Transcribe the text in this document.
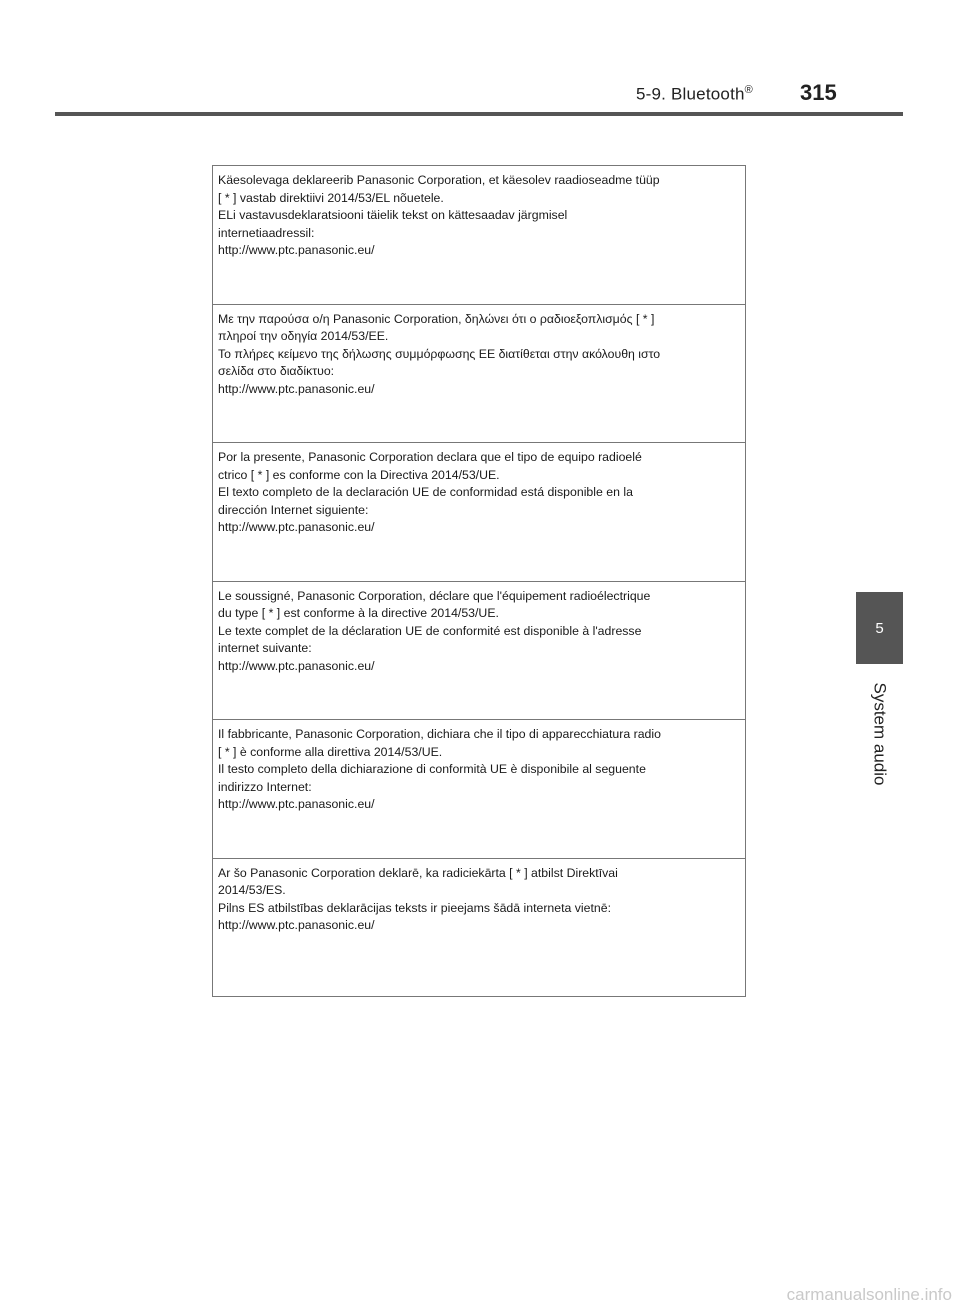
5-9. Bluetooth® 315
5
System audio
Käesolevaga deklareerib Panasonic Corporation, et käesolev raadioseadme tüüp
[ * ] vastab direktiivi 2014/53/EL nõuetele.
ELi vastavusdeklaratsiooni täielik tekst on kättesaadav järgmisel
internetiaadressil:
http://www.ptc.panasonic.eu/
Με την παρούσα ο/η Panasonic Corporation, δηλώνει ότι ο ραδιοεξοπλισμός [ * ]
πληροί την οδηγία 2014/53/ΕΕ.
Το πλήρες κείμενο της δήλωσης συμμόρφωσης ΕΕ διατίθεται στην ακόλουθη ιστο
σελίδα στο διαδίκτυο:
http://www.ptc.panasonic.eu/
Por la presente, Panasonic Corporation declara que el tipo de equipo radioelé
ctrico [ * ] es conforme con la Directiva 2014/53/UE.
El texto completo de la declaración UE de conformidad está disponible en la
dirección Internet siguiente:
http://www.ptc.panasonic.eu/
Le soussigné, Panasonic Corporation, déclare que l'équipement radioélectrique
du type [ * ] est conforme à la directive 2014/53/UE.
Le texte complet de la déclaration UE de conformité est disponible à l'adresse
internet suivante:
http://www.ptc.panasonic.eu/
Il fabbricante, Panasonic Corporation, dichiara che il tipo di apparecchiatura radio
[ * ] è conforme alla direttiva 2014/53/UE.
Il testo completo della dichiarazione di conformità UE è disponibile al seguente
indirizzo Internet:
http://www.ptc.panasonic.eu/
Ar šo Panasonic Corporation deklarē, ka radiciekārta [ * ] atbilst Direktīvai
2014/53/ES.
Pilns ES atbilstības deklarācijas teksts ir pieejams šādā interneta vietnē:
http://www.ptc.panasonic.eu/
carmanualsonline.info
